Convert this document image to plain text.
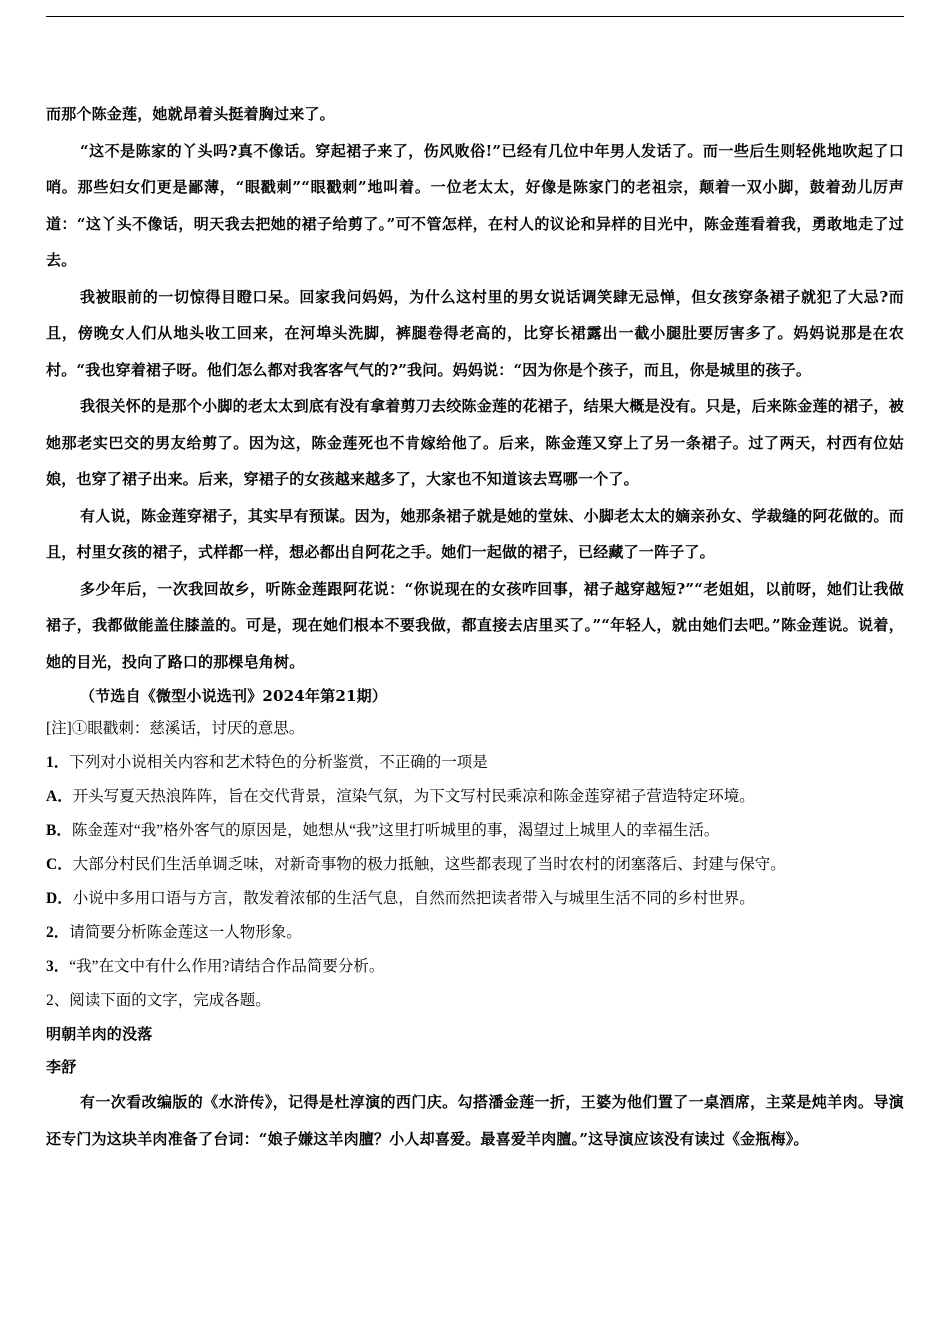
而那个陈金莲，她就昂着头挺着胸过来了。

“这不是陈家的丫头吗?真不像话。穿起裙子来了，伤风败俗!”已经有几位中年男人发话了。而一些后生则轻佻地吹起了口哨。那些妇女们更是鄙薄，“眼戳刺”“眼戳刺”地叫着。一位老太太，好像是陈家门的老祖宗，颠着一双小脚，鼓着劲儿厉声道：“这丫头不像话，明天我去把她的裙子给剪了。”可不管怎样，在村人的议论和异样的目光中，陈金莲看着我，勇敢地走了过去。

我被眼前的一切惊得目瞪口呆。回家我问妈妈，为什么这村里的男女说话调笑肆无忌惮，但女孩穿条裙子就犯了大忌?而且，傍晚女人们从地头收工回来，在河埠头洗脚，裤腿卷得老高的，比穿长裙露出一截小腿肚要厉害多了。妈妈说那是在农村。“我也穿着裙子呀。他们怎么都对我客客气气的?”我问。妈妈说：“因为你是个孩子，而且，你是城里的孩子。

我很关怀的是那个小脚的老太太到底有没有拿着剪刀去绞陈金莲的花裙子，结果大概是没有。只是，后来陈金莲的裙子，被她那老实巴交的男友给剪了。因为这，陈金莲死也不肯嫁给他了。后来，陈金莲又穿上了另一条裙子。过了两天，村西有位姑娘，也穿了裙子出来。后来，穿裙子的女孩越来越多了，大家也不知道该去骂哪一个了。

有人说，陈金莲穿裙子，其实早有预谋。因为，她那条裙子就是她的堂妹、小脚老太太的嫡亲孙女、学裁缝的阿花做的。而且，村里女孩的裙子，式样都一样，想必都出自阿花之手。她们一起做的裙子，已经藏了一阵子了。

多少年后，一次我回故乡，听陈金莲跟阿花说：“你说现在的女孩咋回事，裙子越穿越短?”“老姐姐，以前呀，她们让我做裙子，我都做能盖住膝盖的。可是，现在她们根本不要我做，都直接去店里买了。”“年轻人，就由她们去吧。”陈金莲说。说着，她的目光，投向了路口的那棵皂角树。

（节选自《微型小说选刊》2024年第21期）

[注]①眼戳刺：慈溪话，讨厌的意思。

1．下列对小说相关内容和艺术特色的分析鉴赏，不正确的一项是

A．开头写夏天热浪阵阵，旨在交代背景，渲染气氛，为下文写村民乘凉和陈金莲穿裙子营造特定环境。

B．陈金莲对“我”格外客气的原因是，她想从“我”这里打听城里的事，渴望过上城里人的幸福生活。

C．大部分村民们生活单调乏味，对新奇事物的极力抵触，这些都表现了当时农村的闭塞落后、封建与保守。

D．小说中多用口语与方言，散发着浓郁的生活气息，自然而然把读者带入与城里生活不同的乡村世界。

2．请简要分析陈金莲这一人物形象。

3．“我”在文中有什么作用?请结合作品简要分析。

2、阅读下面的文字，完成各题。

明朝羊肉的没落

李舒

有一次看改编版的《水浒传》，记得是杜淳演的西门庆。勾搭潘金莲一折，王婆为他们置了一桌酒席，主菜是炖羊肉。导演还专门为这块羊肉准备了台词：“娘子嫌这羊肉膻？小人却喜爱。最喜爱羊肉膻。”这导演应该没有读过《金瓶梅》。
